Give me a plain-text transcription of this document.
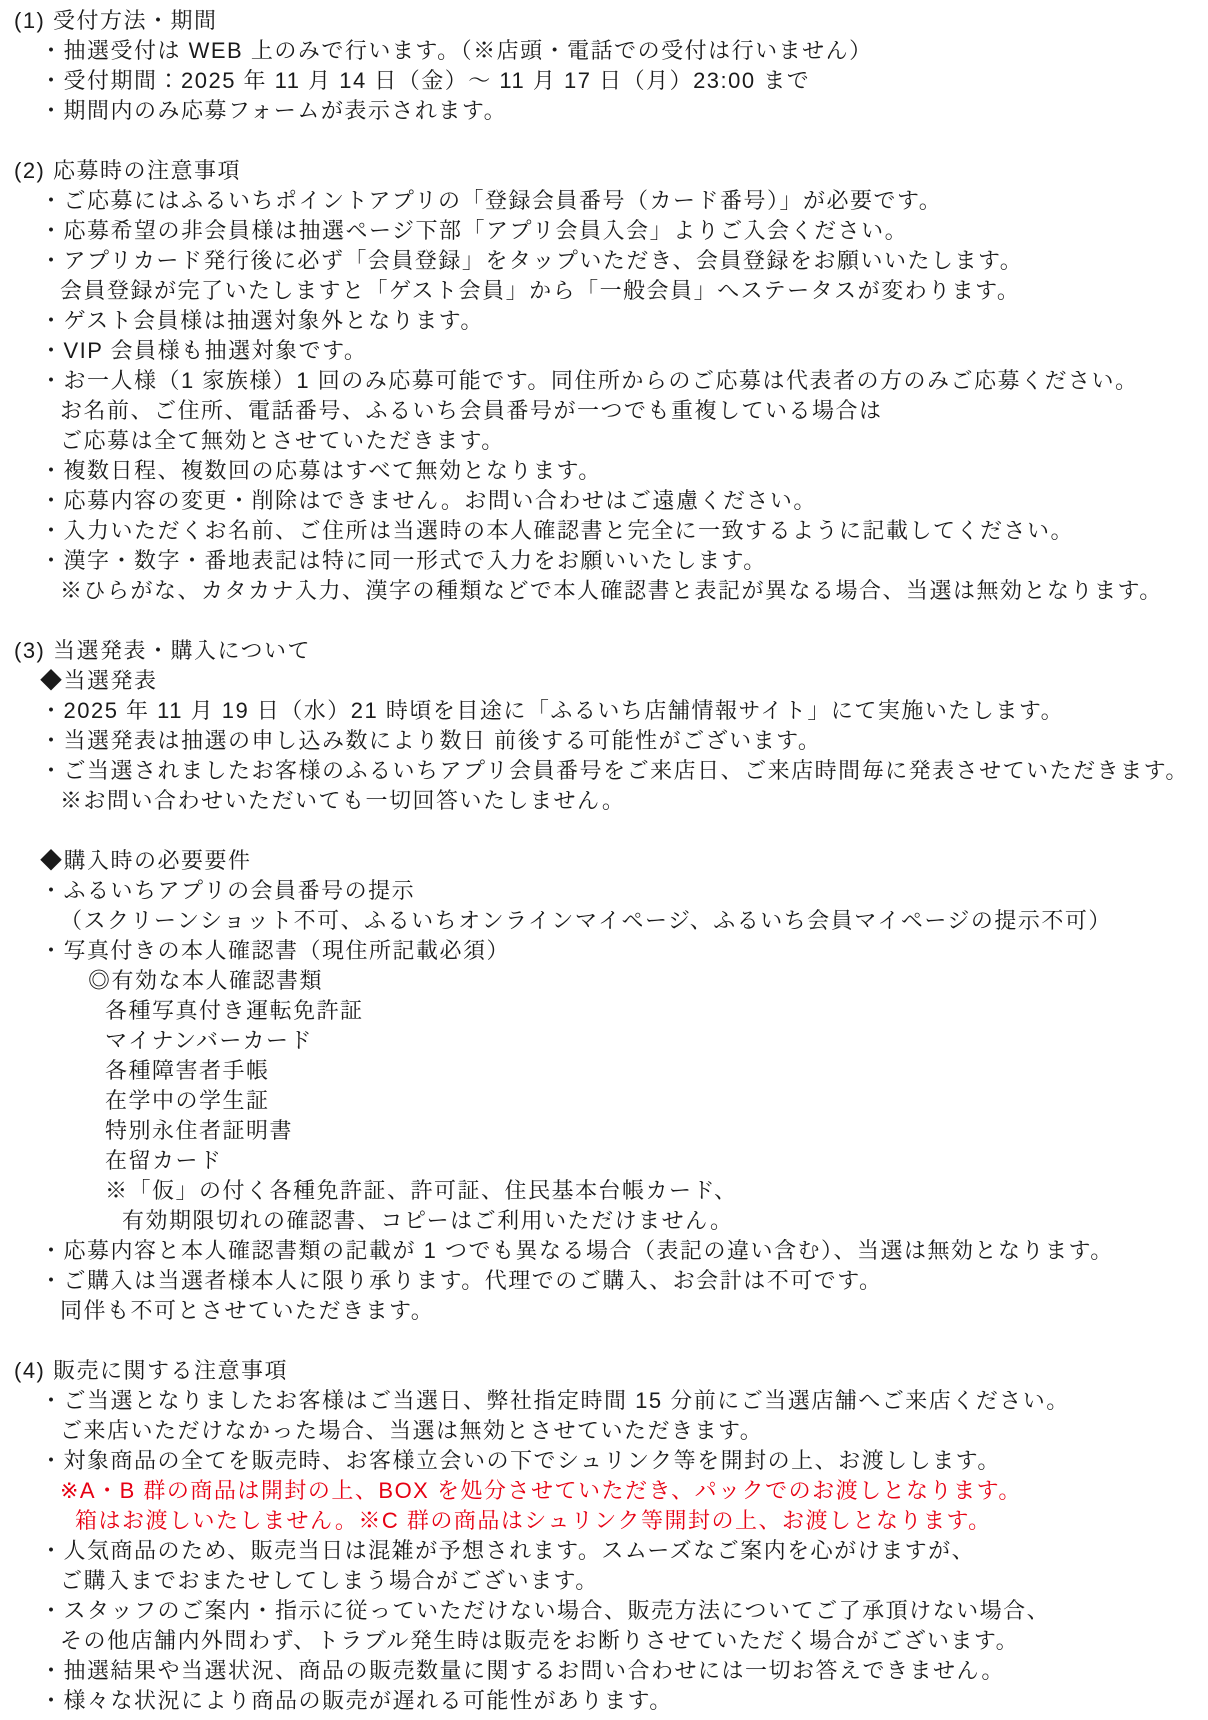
(1) 受付方法・期間
・抽選受付は WEB 上のみで行います。（※店頭・電話での受付は行いません）
・受付期間：2025 年 11 月 14 日（金）～ 11 月 17 日（月）23:00 まで
・期間内のみ応募フォームが表示されます。
(2) 応募時の注意事項
・ご応募にはふるいちポイントアプリの「登録会員番号（カード番号）」が必要です。
・応募希望の非会員様は抽選ページ下部「アプリ会員入会」よりご入会ください。
・アプリカード発行後に必ず「会員登録」をタップいただき、会員登録をお願いいたします。
会員登録が完了いたしますと「ゲスト会員」から「一般会員」へステータスが変わります。
・ゲスト会員様は抽選対象外となります。
・VIP 会員様も抽選対象です。
・お一人様（1 家族様）1 回のみ応募可能です。同住所からのご応募は代表者の方のみご応募ください。
お名前、ご住所、電話番号、ふるいち会員番号が一つでも重複している場合は
ご応募は全て無効とさせていただきます。
・複数日程、複数回の応募はすべて無効となります。
・応募内容の変更・削除はできません。お問い合わせはご遠慮ください。
・入力いただくお名前、ご住所は当選時の本人確認書と完全に一致するように記載してください。
・漢字・数字・番地表記は特に同一形式で入力をお願いいたします。
※ひらがな、カタカナ入力、漢字の種類などで本人確認書と表記が異なる場合、当選は無効となります。
(3) 当選発表・購入について
◆当選発表
・2025 年 11 月 19 日（水）21 時頃を目途に「ふるいち店舗情報サイト」にて実施いたします。
・当選発表は抽選の申し込み数により数日 前後する可能性がございます。
・ご当選されましたお客様のふるいちアプリ会員番号をご来店日、ご来店時間毎に発表させていただきます。
※お問い合わせいただいても一切回答いたしません。
◆購入時の必要要件
・ふるいちアプリの会員番号の提示
（スクリーンショット不可、ふるいちオンラインマイページ、ふるいち会員マイページの提示不可）
・写真付きの本人確認書（現住所記載必須）
◎有効な本人確認書類
各種写真付き運転免許証
マイナンバーカード
各種障害者手帳
在学中の学生証
特別永住者証明書
在留カード
※「仮」の付く各種免許証、許可証、住民基本台帳カード、
有効期限切れの確認書、コピーはご利用いただけません。
・応募内容と本人確認書類の記載が 1 つでも異なる場合（表記の違い含む）、当選は無効となります。
・ご購入は当選者様本人に限り承ります。代理でのご購入、お会計は不可です。
同伴も不可とさせていただきます。
(4) 販売に関する注意事項
・ご当選となりましたお客様はご当選日、弊社指定時間 15 分前にご当選店舗へご来店ください。
ご来店いただけなかった場合、当選は無効とさせていただきます。
・対象商品の全てを販売時、お客様立会いの下でシュリンク等を開封の上、お渡しします。
※A・B 群の商品は開封の上、BOX を処分させていただき、パックでのお渡しとなります。
箱はお渡しいたしません。※C 群の商品はシュリンク等開封の上、お渡しとなります。
・人気商品のため、販売当日は混雑が予想されます。スムーズなご案内を心がけますが、
ご購入までおまたせしてしまう場合がございます。
・スタッフのご案内・指示に従っていただけない場合、販売方法についてご了承頂けない場合、
その他店舗内外問わず、トラブル発生時は販売をお断りさせていただく場合がございます。
・抽選結果や当選状況、商品の販売数量に関するお問い合わせには一切お答えできません。
・様々な状況により商品の販売が遅れる可能性があります。
